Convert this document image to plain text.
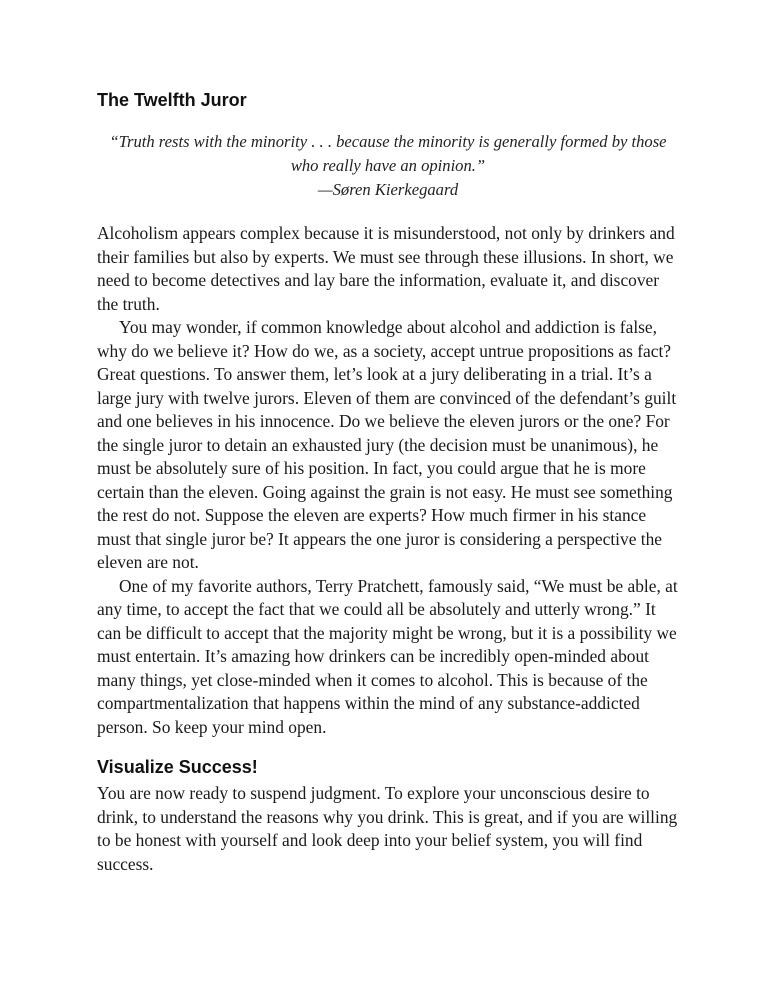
The Twelfth Juror

“Truth rests with the minority . . . because the minority is generally formed by those

who really have an opinion.”

—Søren Kierkegaard

Alcoholism appears complex because it is misunderstood, not only by drinkers and their families but also by experts. We must see through these illusions. In short, we need to become detectives and lay bare the information, evaluate it, and discover the truth.

You may wonder, if common knowledge about alcohol and addiction is false, why do we believe it? How do we, as a society, accept untrue propositions as fact? Great questions. To answer them, let’s look at a jury deliberating in a trial. It’s a large jury with twelve jurors. Eleven of them are convinced of the defendant’s guilt and one believes in his innocence. Do we believe the eleven jurors or the one? For the single juror to detain an exhausted jury (the decision must be unanimous), he must be absolutely sure of his position. In fact, you could argue that he is more certain than the eleven. Going against the grain is not easy. He must see something the rest do not. Suppose the eleven are experts? How much firmer in his stance must that single juror be? It appears the one juror is considering a perspective the eleven are not.

One of my favorite authors, Terry Pratchett, famously said, “We must be able, at any time, to accept the fact that we could all be absolutely and utterly wrong.” It can be difficult to accept that the majority might be wrong, but it is a possibility we must entertain. It’s amazing how drinkers can be incredibly open-minded about many things, yet close-minded when it comes to alcohol. This is because of the compartmentalization that happens within the mind of any substance-addicted person. So keep your mind open.

Visualize Success!

You are now ready to suspend judgment. To explore your unconscious desire to drink, to understand the reasons why you drink. This is great, and if you are willing to be honest with yourself and look deep into your belief system, you will find success.
